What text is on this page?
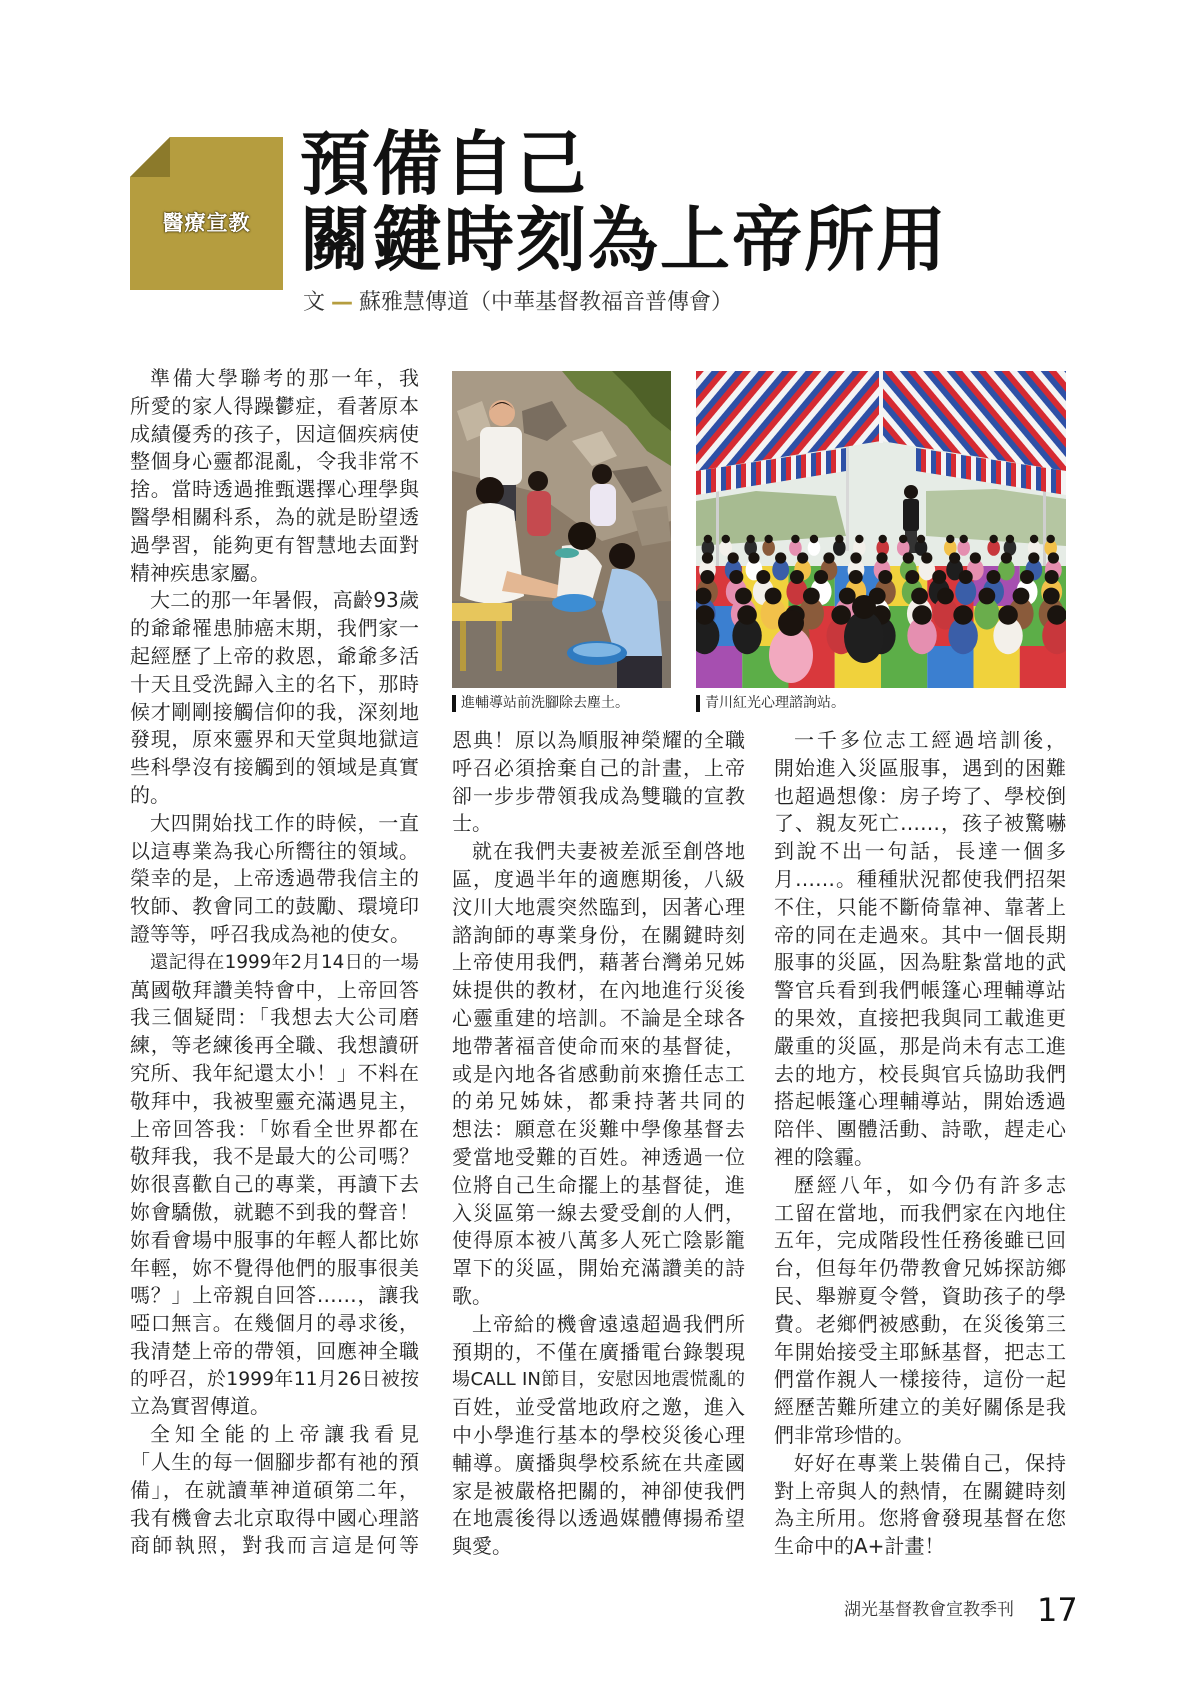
醫療宣教
預備自己
關鍵時刻為上帝所用
文 — 蘇雅慧傳道（中華基督教福音普傳會）
準備大學聯考的那一年，我
所愛的家人得躁鬱症，看著原本
成績優秀的孩子，因這個疾病使
整個身心靈都混亂，令我非常不
捨。當時透過推甄選擇心理學與
醫學相關科系，為的就是盼望透
過學習，能夠更有智慧地去面對
精神疾患家屬。
大二的那一年暑假，高齡93歲
的爺爺罹患肺癌末期，我們家一
起經歷了上帝的救恩，爺爺多活
十天且受洗歸入主的名下，那時
候才剛剛接觸信仰的我，深刻地
發現，原來靈界和天堂與地獄這
些科學沒有接觸到的領域是真實
的。
大四開始找工作的時候，一直
以這專業為我心所嚮往的領域。
榮幸的是，上帝透過帶我信主的
牧師、教會同工的鼓勵、環境印
證等等，呼召我成為祂的使女。
還記得在1999年2月14日的一場
萬國敬拜讚美特會中，上帝回答
我三個疑問：「我想去大公司磨
練，等老練後再全職、我想讀研
究所、我年紀還太小！」不料在
敬拜中，我被聖靈充滿遇見主，
上帝回答我：「妳看全世界都在
敬拜我，我不是最大的公司嗎？
妳很喜歡自己的專業，再讀下去
妳會驕傲，就聽不到我的聲音！
妳看會場中服事的年輕人都比妳
年輕，妳不覺得他們的服事很美
嗎？」上帝親自回答……，讓我
啞口無言。在幾個月的尋求後，
我清楚上帝的帶領，回應神全職
的呼召，於1999年11月26日被按
立為實習傳道。
全知全能的上帝讓我看見
「人生的每一個腳步都有祂的預
備」，在就讀華神道碩第二年，
我有機會去北京取得中國心理諮
商師執照，對我而言這是何等
恩典！原以為順服神榮耀的全職
呼召必須捨棄自己的計畫，上帝
卻一步步帶領我成為雙職的宣教
士。
就在我們夫妻被差派至創啓地
區，度過半年的適應期後，八級
汶川大地震突然臨到，因著心理
諮詢師的專業身份，在關鍵時刻
上帝使用我們，藉著台灣弟兄姊
妹提供的教材，在內地進行災後
心靈重建的培訓。不論是全球各
地帶著福音使命而來的基督徒，
或是內地各省感動前來擔任志工
的弟兄姊妹，都秉持著共同的
想法：願意在災難中學像基督去
愛當地受難的百姓。神透過一位
位將自己生命擺上的基督徒，進
入災區第一線去愛受創的人們，
使得原本被八萬多人死亡陰影籠
罩下的災區，開始充滿讚美的詩
歌。
上帝給的機會遠遠超過我們所
預期的，不僅在廣播電台錄製現
場CALL IN節目，安慰因地震慌亂的
百姓，並受當地政府之邀，進入
中小學進行基本的學校災後心理
輔導。廣播與學校系統在共產國
家是被嚴格把關的，神卻使我們
在地震後得以透過媒體傳揚希望
與愛。
一千多位志工經過培訓後，
開始進入災區服事，遇到的困難
也超過想像：房子垮了、學校倒
了、親友死亡……，孩子被驚嚇
到說不出一句話，長達一個多
月……。種種狀況都使我們招架
不住，只能不斷倚靠神、靠著上
帝的同在走過來。其中一個長期
服事的災區，因為駐紮當地的武
警官兵看到我們帳篷心理輔導站
的果效，直接把我與同工載進更
嚴重的災區，那是尚未有志工進
去的地方，校長與官兵協助我們
搭起帳篷心理輔導站，開始透過
陪伴、團體活動、詩歌，趕走心
裡的陰霾。
歷經八年，如今仍有許多志
工留在當地，而我們家在內地住
五年，完成階段性任務後雖已回
台，但每年仍帶教會兄姊探訪鄉
民、舉辦夏令營，資助孩子的學
費。老鄉們被感動，在災後第三
年開始接受主耶穌基督，把志工
們當作親人一樣接待，這份一起
經歷苦難所建立的美好關係是我
們非常珍惜的。
好好在專業上裝備自己，保持
對上帝與人的熱情，在關鍵時刻
為主所用。您將會發現基督在您
生命中的A+計畫！
進輔導站前洗腳除去塵土。	青川紅光心理諮詢站。
湖光基督教會宣教季刊 17
